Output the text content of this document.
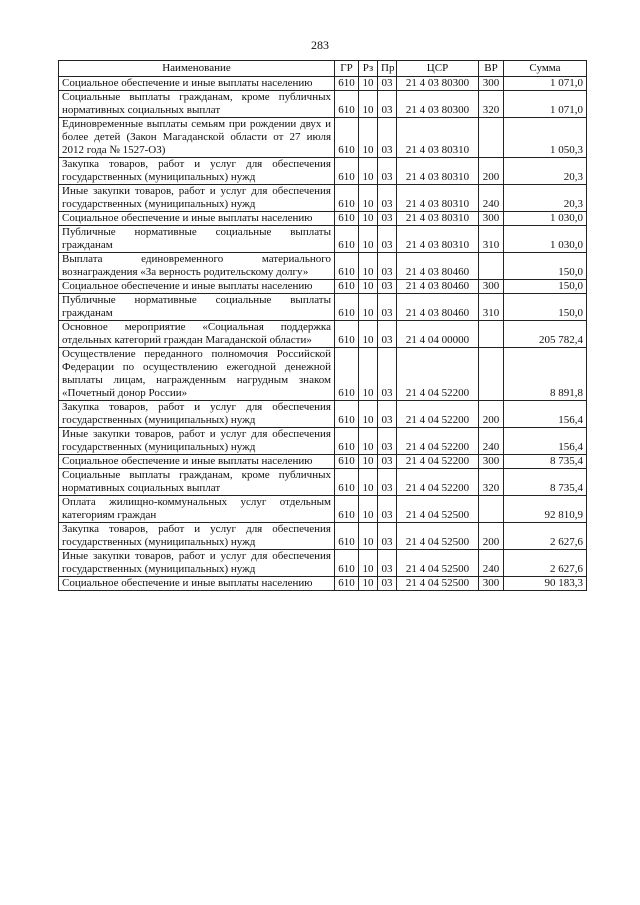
283
Наименование	ГР	Рз	Пр	ЦСР	ВР	Сумма
Социальное обеспечение и иные выплаты населению	610	10	03	21 4 03 80300	300	1 071,0
Социальные выплаты гражданам, кроме публичных нормативных социальных выплат	610	10	03	21 4 03 80300	320	1 071,0
Единовременные выплаты семьям при рождении двух и более детей (Закон Магаданской области от 27 июля 2012 года № 1527-ОЗ)	610	10	03	21 4 03 80310		1 050,3
Закупка товаров, работ и услуг для обеспечения государственных (муниципальных) нужд	610	10	03	21 4 03 80310	200	20,3
Иные закупки товаров, работ и услуг для обеспечения государственных (муниципальных) нужд	610	10	03	21 4 03 80310	240	20,3
Социальное обеспечение и иные выплаты населению	610	10	03	21 4 03 80310	300	1 030,0
Публичные нормативные социальные выплаты гражданам	610	10	03	21 4 03 80310	310	1 030,0
Выплата единовременного материального вознаграждения «За верность родительскому долгу»	610	10	03	21 4 03 80460		150,0
Социальное обеспечение и иные выплаты населению	610	10	03	21 4 03 80460	300	150,0
Публичные нормативные социальные выплаты гражданам	610	10	03	21 4 03 80460	310	150,0
Основное мероприятие «Социальная поддержка отдельных категорий граждан Магаданской области»	610	10	03	21 4 04 00000		205 782,4
Осуществление переданного полномочия Российской Федерации по осуществлению ежегодной денежной выплаты лицам, награжденным нагрудным знаком «Почетный донор России»	610	10	03	21 4 04 52200		8 891,8
Закупка товаров, работ и услуг для обеспечения государственных (муниципальных) нужд	610	10	03	21 4 04 52200	200	156,4
Иные закупки товаров, работ и услуг для обеспечения государственных (муниципальных) нужд	610	10	03	21 4 04 52200	240	156,4
Социальное обеспечение и иные выплаты населению	610	10	03	21 4 04 52200	300	8 735,4
Социальные выплаты гражданам, кроме публичных нормативных социальных выплат	610	10	03	21 4 04 52200	320	8 735,4
Оплата жилищно-коммунальных услуг отдельным категориям граждан	610	10	03	21 4 04 52500		92 810,9
Закупка товаров, работ и услуг для обеспечения государственных (муниципальных) нужд	610	10	03	21 4 04 52500	200	2 627,6
Иные закупки товаров, работ и услуг для обеспечения государственных (муниципальных) нужд	610	10	03	21 4 04 52500	240	2 627,6
Социальное обеспечение и иные выплаты населению	610	10	03	21 4 04 52500	300	90 183,3
